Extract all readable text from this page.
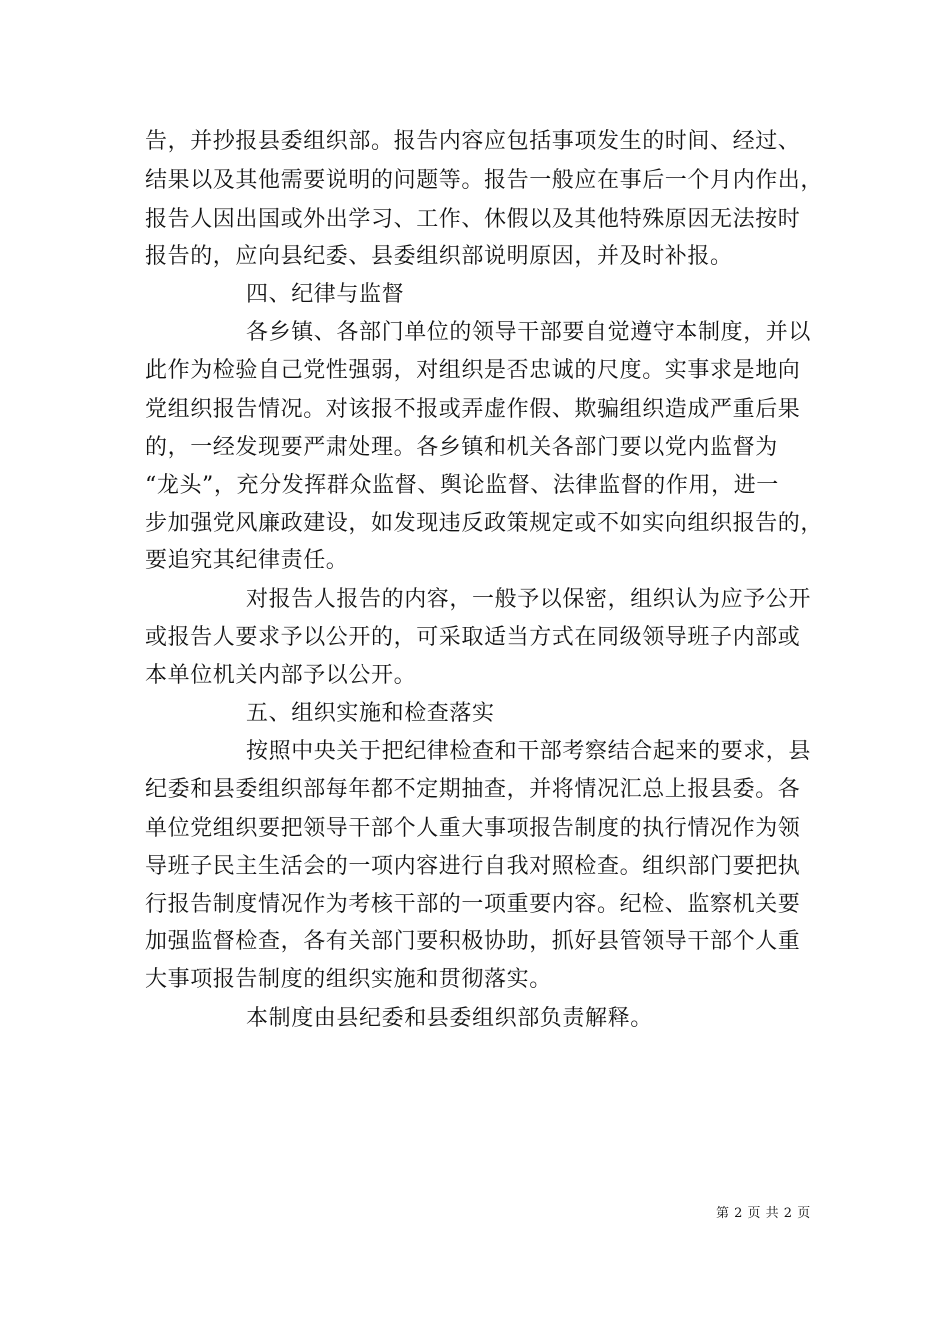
告，并抄报县委组织部。报告内容应包括事项发生的时间、经过、
结果以及其他需要说明的问题等。报告一般应在事后一个月内作出，
报告人因出国或外出学习、工作、休假以及其他特殊原因无法按时
报告的，应向县纪委、县委组织部说明原因，并及时补报。
四、纪律与监督
各乡镇、各部门单位的领导干部要自觉遵守本制度，并以
此作为检验自己党性强弱，对组织是否忠诚的尺度。实事求是地向
党组织报告情况。对该报不报或弄虚作假、欺骗组织造成严重后果
的，一经发现要严肃处理。各乡镇和机关各部门要以党内监督为
“龙头”，充分发挥群众监督、舆论监督、法律监督的作用，进一
步加强党风廉政建设，如发现违反政策规定或不如实向组织报告的，
要追究其纪律责任。
对报告人报告的内容，一般予以保密，组织认为应予公开
或报告人要求予以公开的，可采取适当方式在同级领导班子内部或
本单位机关内部予以公开。
五、组织实施和检查落实
按照中央关于把纪律检查和干部考察结合起来的要求，县
纪委和县委组织部每年都不定期抽查，并将情况汇总上报县委。各
单位党组织要把领导干部个人重大事项报告制度的执行情况作为领
导班子民主生活会的一项内容进行自我对照检查。组织部门要把执
行报告制度情况作为考核干部的一项重要内容。纪检、监察机关要
加强监督检查，各有关部门要积极协助，抓好县管领导干部个人重
大事项报告制度的组织实施和贯彻落实。
本制度由县纪委和县委组织部负责解释。
第 2 页 共 2 页
